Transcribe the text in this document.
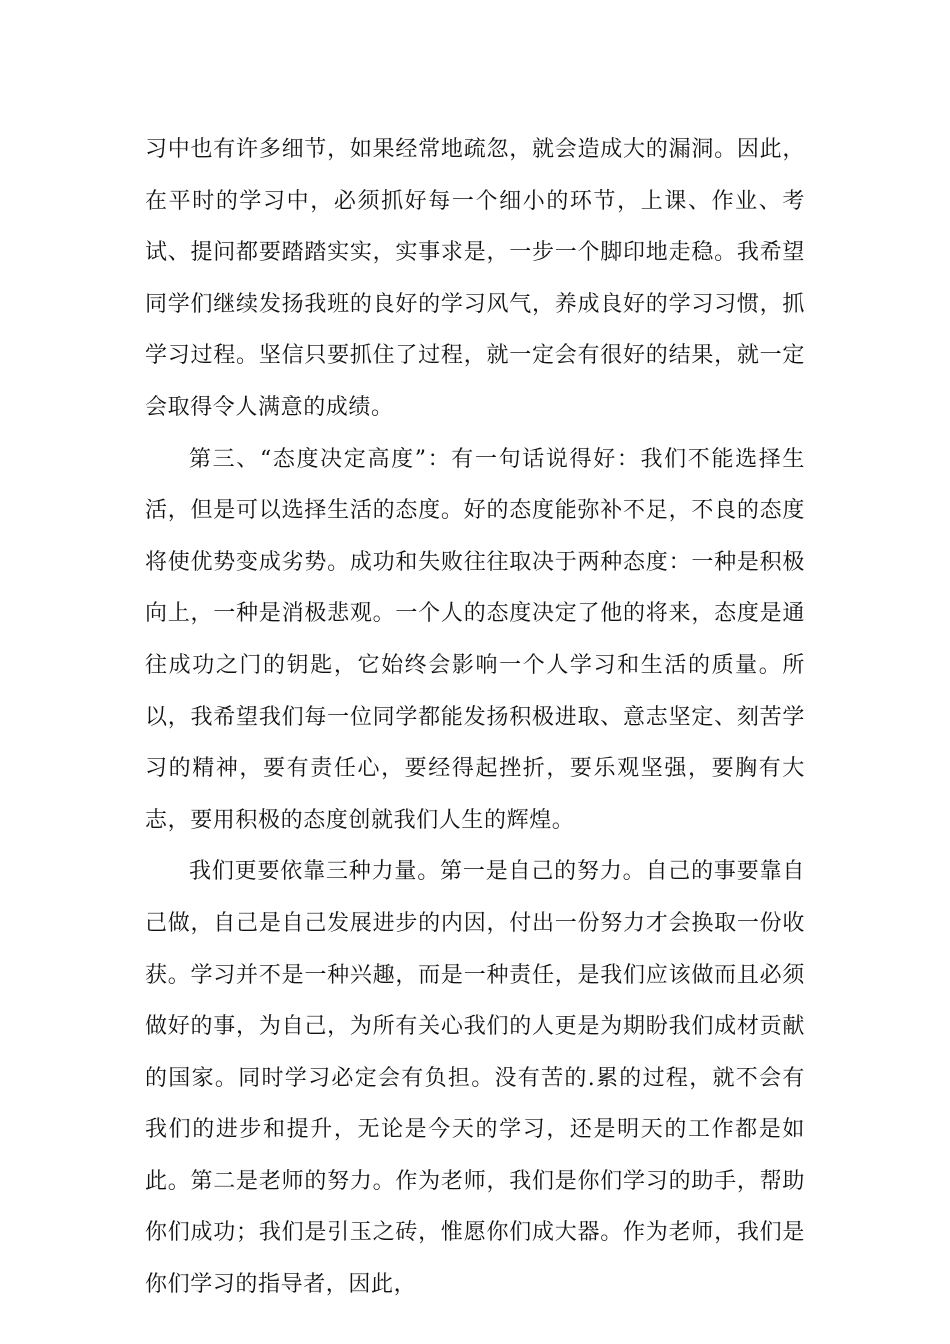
习中也有许多细节，如果经常地疏忽，就会造成大的漏洞。因此，在平时的学习中，必须抓好每一个细小的环节，上课、作业、考试、提问都要踏踏实实，实事求是，一步一个脚印地走稳。我希望同学们继续发扬我班的良好的学习风气，养成良好的学习习惯，抓学习过程。坚信只要抓住了过程，就一定会有很好的结果，就一定会取得令人满意的成绩。

第三、“态度决定高度”：有一句话说得好：我们不能选择生活，但是可以选择生活的态度。好的态度能弥补不足，不良的态度将使优势变成劣势。成功和失败往往取决于两种态度：一种是积极向上，一种是消极悲观。一个人的态度决定了他的将来，态度是通往成功之门的钥匙，它始终会影响一个人学习和生活的质量。所以，我希望我们每一位同学都能发扬积极进取、意志坚定、刻苦学习的精神，要有责任心，要经得起挫折，要乐观坚强，要胸有大志，要用积极的态度创就我们人生的辉煌。

我们更要依靠三种力量。第一是自己的努力。自己的事要靠自己做，自己是自己发展进步的内因，付出一份努力才会换取一份收获。学习并不是一种兴趣，而是一种责任，是我们应该做而且必须做好的事，为自己，为所有关心我们的人更是为期盼我们成材贡献的国家。同时学习必定会有负担。没有苦的.累的过程，就不会有我们的进步和提升，无论是今天的学习，还是明天的工作都是如此。第二是老师的努力。作为老师，我们是你们学习的助手，帮助你们成功；我们是引玉之砖，惟愿你们成大器。作为老师，我们是你们学习的指导者，因此，
